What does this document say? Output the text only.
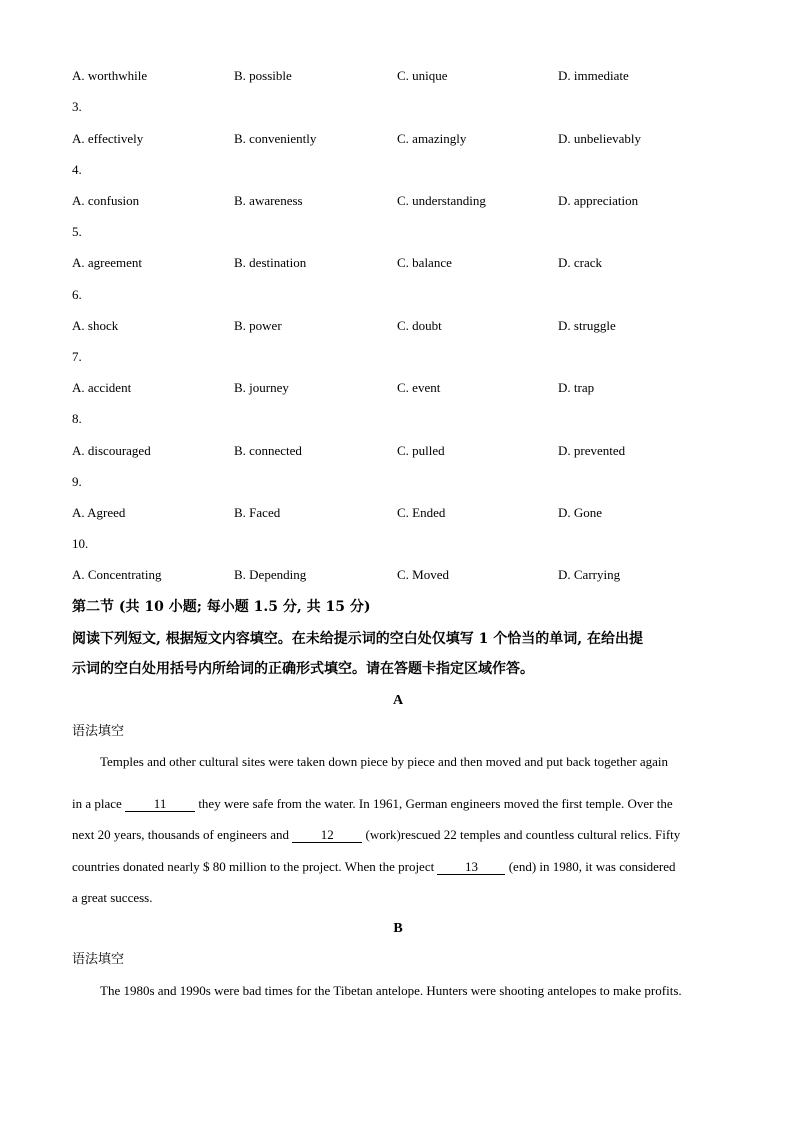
A. worthwhile	B. possible	C. unique	D. immediate
3.
A. effectively	B. conveniently	C. amazingly	D. unbelievably
4.
A. confusion	B. awareness	C. understanding	D. appreciation
5.
A. agreement	B. destination	C. balance	D. crack
6.
A. shock	B. power	C. doubt	D. struggle
7.
A. accident	B. journey	C. event	D. trap
8.
A. discouraged	B. connected	C. pulled	D. prevented
9.
A. Agreed	B. Faced	C. Ended	D. Gone
10.
A. Concentrating	B. Depending	C. Moved	D. Carrying
第二节 (共 10 小题; 每小题 1.5 分, 共 15 分)
阅读下列短文, 根据短文内容填空。在未给提示词的空白处仅填写 1 个恰当的单词, 在给出提
示词的空白处用括号内所给词的正确形式填空。请在答题卡指定区域作答。
A
语法填空
Temples and other cultural sites were taken down piece by piece and then moved and put back together again
in a place 11 they were safe from the water. In 1961, German engineers moved the first temple. Over the
next 20 years, thousands of engineers and 12 (work)rescued 22 temples and countless cultural relics. Fifty
countries donated nearly $ 80 million to the project. When the project 13 (end) in 1980, it was considered
a great success.
B
语法填空
The 1980s and 1990s were bad times for the Tibetan antelope. Hunters were shooting antelopes to make profits.
